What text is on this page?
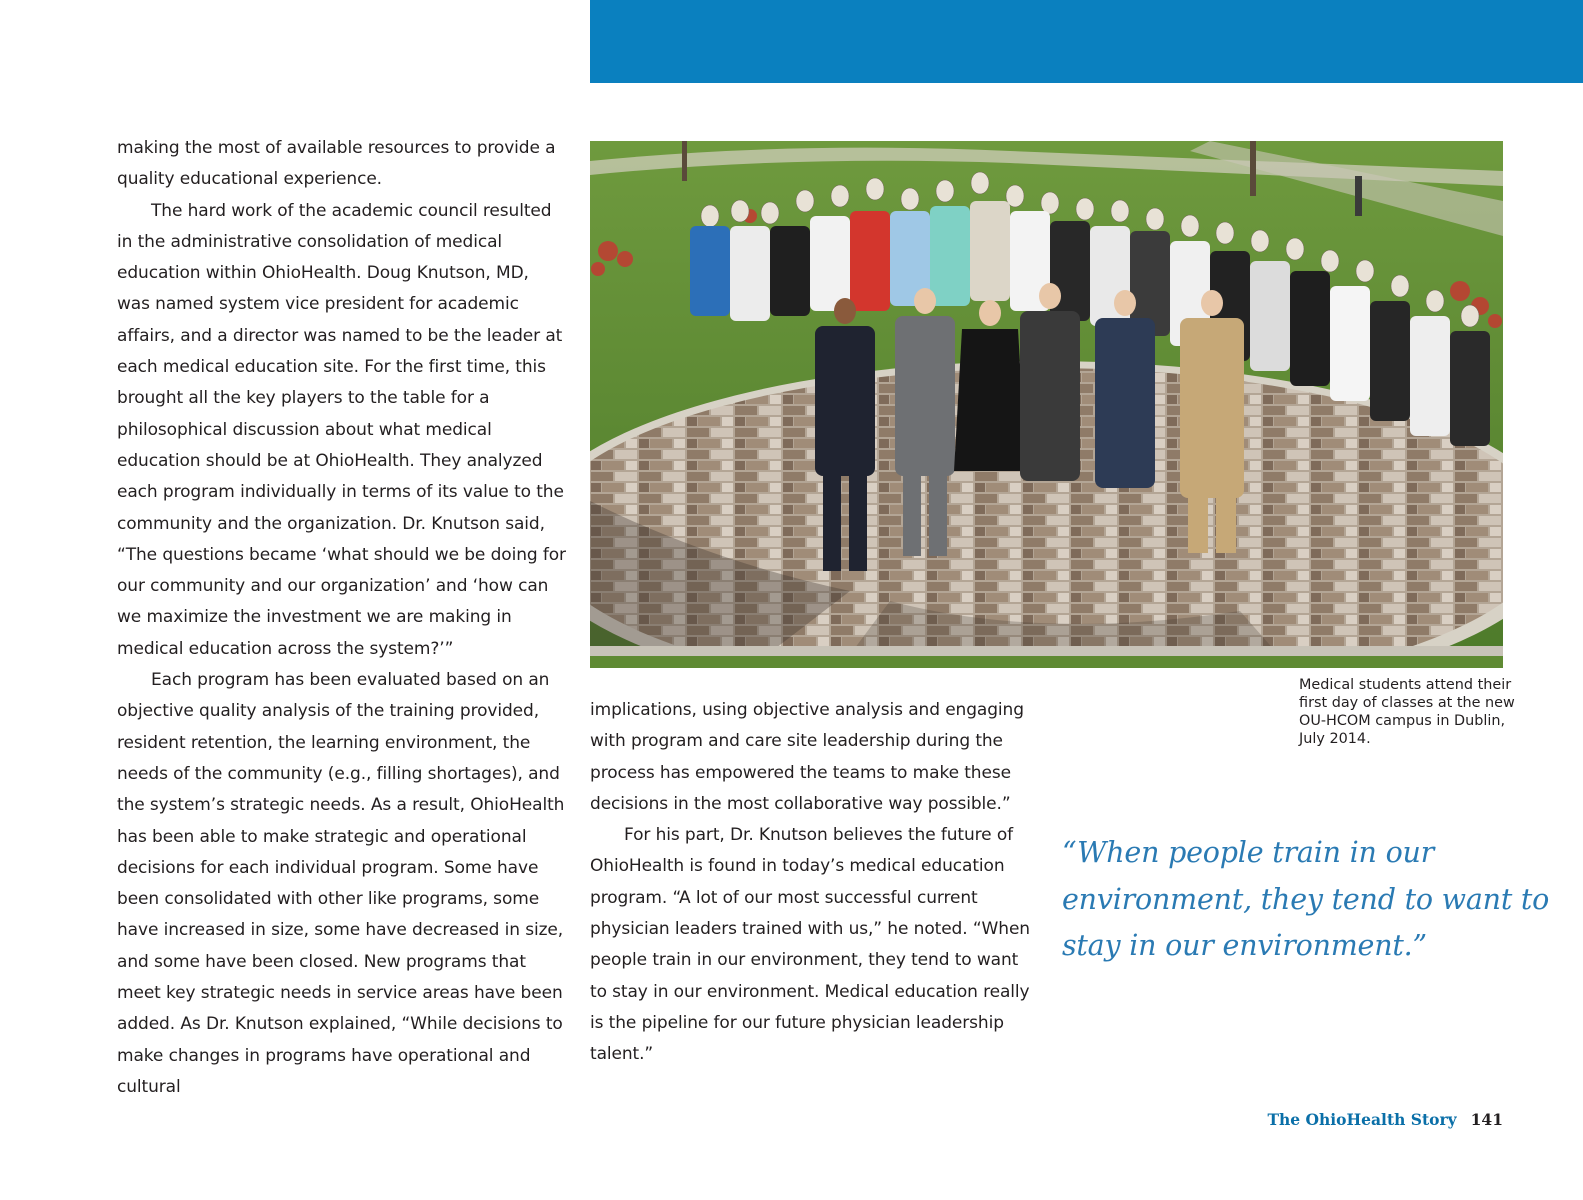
making the most of available resources to provide a quality educational experience.

The hard work of the academic council resulted in the administrative consolidation of medical education within OhioHealth. Doug Knutson, MD, was named system vice president for academic affairs, and a director was named to be the leader at each medical education site. For the first time, this brought all the key players to the table for a philosophical discussion about what medical education should be at OhioHealth. They analyzed each program individually in terms of its value to the community and the organization. Dr. Knutson said, “The questions became ‘what should we be doing for our community and our organization’ and ‘how can we maximize the investment we are making in medical education across the system?’”

Each program has been evaluated based on an objective quality analysis of the training provided, resident retention, the learning environment, the needs of the community (e.g., filling shortages), and the system’s strategic needs. As a result, OhioHealth has been able to make strategic and operational decisions for each individual program. Some have been consolidated with other like programs, some have increased in size, some have decreased in size, and some have been closed. New programs that meet key strategic needs in service areas have been added. As Dr. Knutson explained, “While decisions to make changes in programs have operational and cultural

Medical students attend their first day of classes at the new OU-HCOM campus in Dublin, July 2014.

implications, using objective analysis and engaging with program and care site leadership during the process has empowered the teams to make these decisions in the most collaborative way possible.”

For his part, Dr. Knutson believes the future of OhioHealth is found in today’s medical education program. “A lot of our most successful current physician leaders trained with us,” he noted. “When people train in our environment, they tend to want to stay in our environment. Medical education really is the pipeline for our future physician leadership talent.”

“When people train in our environment, they tend to want to stay in our environment.”
The OhioHealth Story 141
